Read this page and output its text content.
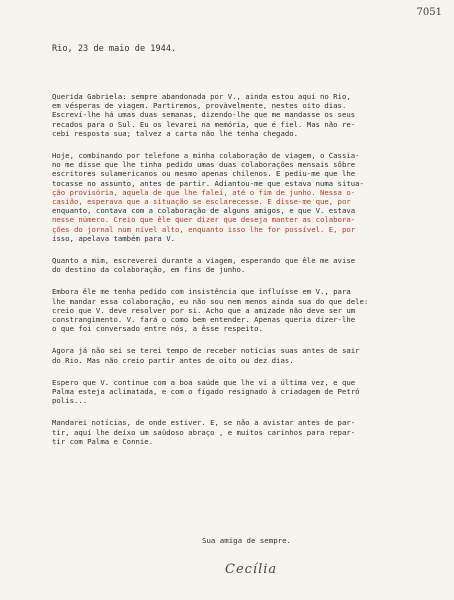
7051
Rio, 23 de maio de 1944.
Querida Gabriela: sempre abandonada por V., ainda estou aqui no Rio,
em vésperas de viagem. Partiremos, provàvelmente, nestes oito dias.
Escreví-lhe há umas duas semanas, dizendo-lhe que me mandasse os seus
recados para o Sul. Eu os levarei na memória, que é fiel. Mas não re-
cebi resposta sua; talvez a carta não lhe tenha chegado.
Hoje, combinando por telefone a minha colaboração de viagem, o Cassia-
no me disse que lhe tinha pedido umas duas colaborações mensais sôbre
escritores sulamericanos ou mesmo apenas chilenos. E pediu-me que lhe
tocasse no assunto, antes de partir. Adiantou-me que estava numa situa-
ção provisória, aquela de que lhe falei, até o fim de junho. Nessa o-
casião, esperava que a situação se esclarecesse. E disse-me que, por
enquanto, contava com a colaboração de alguns amigos, e que V. estava
nesse número. Creio que êle quer dizer que deseja manter as colabora-
ções do jornal num nível alto, enquanto isso lhe for possível. E, por
isso, apelava também para V.
Quanto a mim, escreverei durante a viagem, esperando que êle me avise
do destino da colaboração, em fins de junho.
Embora êle me tenha pedido com insistência que influísse em V., para
lhe mandar essa colaboração, eu não sou nem menos ainda sua do que dele:
creio que V. deve resolver por si. Acho que a amizade não deve ser um
constrangimento. V. fará o como bem entender. Apenas queria dizer-lhe
o que foi conversado entre nós, a êsse respeito.
Agora já não sei se terei tempo de receber notícias suas antes de sair
do Rio. Mas não creio partir antes de oito ou dez dias.
Espero que V. continue com a boa saúde que lhe ví a última vez, e que
Palma esteja aclimatada, e com o fígado resignado à criadagem de Petró
polis...
Mandarei notícias, de onde estiver. E, se não a avistar antes de par-
tir, aquí lhe deixo um saüdoso abraço , e muitos carinhos para repar-
tir com Palma e Connie.
Sua amiga de sempre.
Cecília
